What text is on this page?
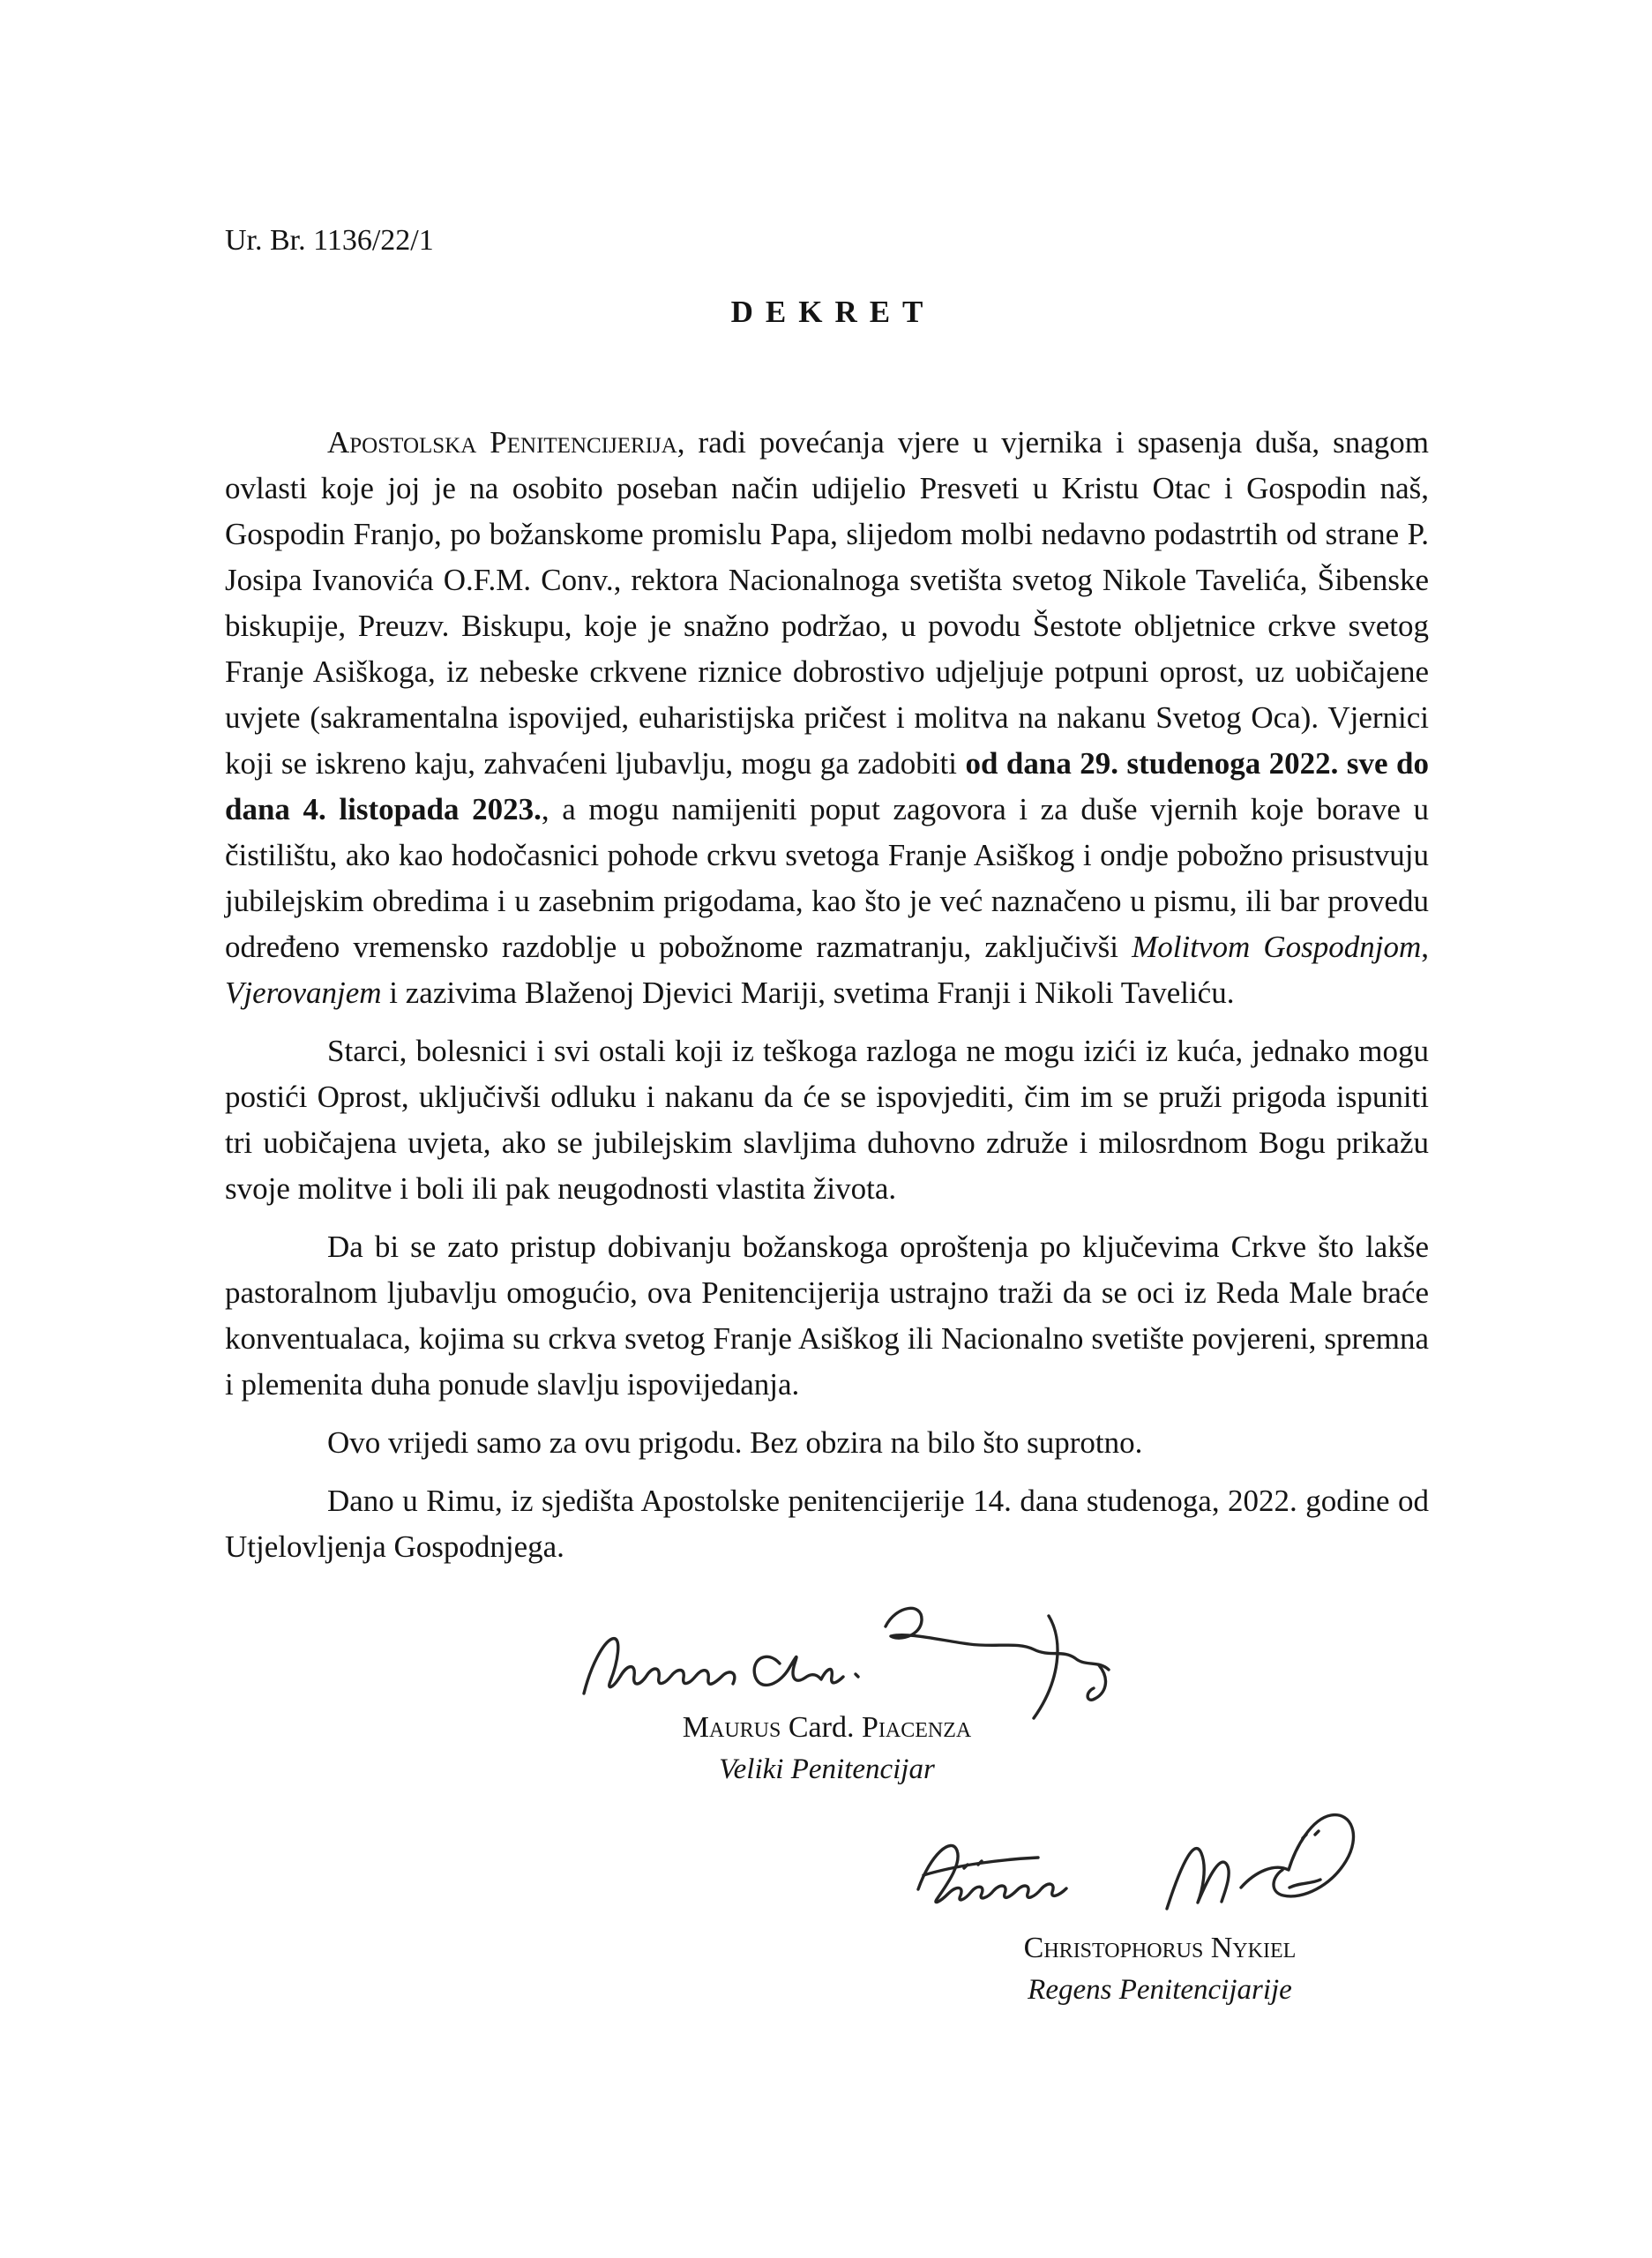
Ur. Br. 1136/22/1
DEKRET

Apostolska Penitencijerija, radi povećanja vjere u vjernika i spasenja duša, snagom ovlasti koje joj je na osobito poseban način udijelio Presveti u Kristu Otac i Gospodin naš, Gospodin Franjo, po božanskome promislu Papa, slijedom molbi nedavno podastrtih od strane P. Josipa Ivanovića O.F.M. Conv., rektora Nacionalnoga svetišta svetog Nikole Tavelića, Šibenske biskupije, Preuzv. Biskupu, koje je snažno podržao, u povodu Šestote obljetnice crkve svetog Franje Asiškoga, iz nebeske crkvene riznice dobrostivo udjeljuje potpuni oprost, uz uobičajene uvjete (sakramentalna ispovijed, euharistijska pričest i molitva na nakanu Svetog Oca). Vjernici koji se iskreno kaju, zahvaćeni ljubavlju, mogu ga zadobiti od dana 29. studenoga 2022. sve do dana 4. listopada 2023., a mogu namijeniti poput zagovora i za duše vjernih koje borave u čistilištu, ako kao hodočasnici pohode crkvu svetoga Franje Asiškog i ondje pobožno prisustvuju jubilejskim obredima i u zasebnim prigodama, kao što je već naznačeno u pismu, ili bar provedu određeno vremensko razdoblje u pobožnome razmatranju, zaključivši Molitvom Gospodnjom, Vjerovanjem i zazivima Blaženoj Djevici Mariji, svetima Franji i Nikoli Taveliću.

Starci, bolesnici i svi ostali koji iz teškoga razloga ne mogu izići iz kuća, jednako mogu postići Oprost, uključivši odluku i nakanu da će se ispovjediti, čim im se pruži prigoda ispuniti tri uobičajena uvjeta, ako se jubilejskim slavljima duhovno združe i milosrdnom Bogu prikažu svoje molitve i boli ili pak neugodnosti vlastita života.

Da bi se zato pristup dobivanju božanskoga oproštenja po ključevima Crkve što lakše pastoralnom ljubavlju omogućio, ova Penitencijerija ustrajno traži da se oci iz Reda Male braće konventualaca, kojima su crkva svetog Franje Asiškog ili Nacionalno svetište povjereni, spremna i plemenita duha ponude slavlju ispovijedanja.

Ovo vrijedi samo za ovu prigodu. Bez obzira na bilo što suprotno.

Dano u Rimu, iz sjedišta Apostolske penitencijerije 14. dana studenoga, 2022. godine od Utjelovljenja Gospodnjega.

Maurus Card. Piacenza
Veliki Penitencijar
Christophorus Nykiel
Regens Penitencijarije
